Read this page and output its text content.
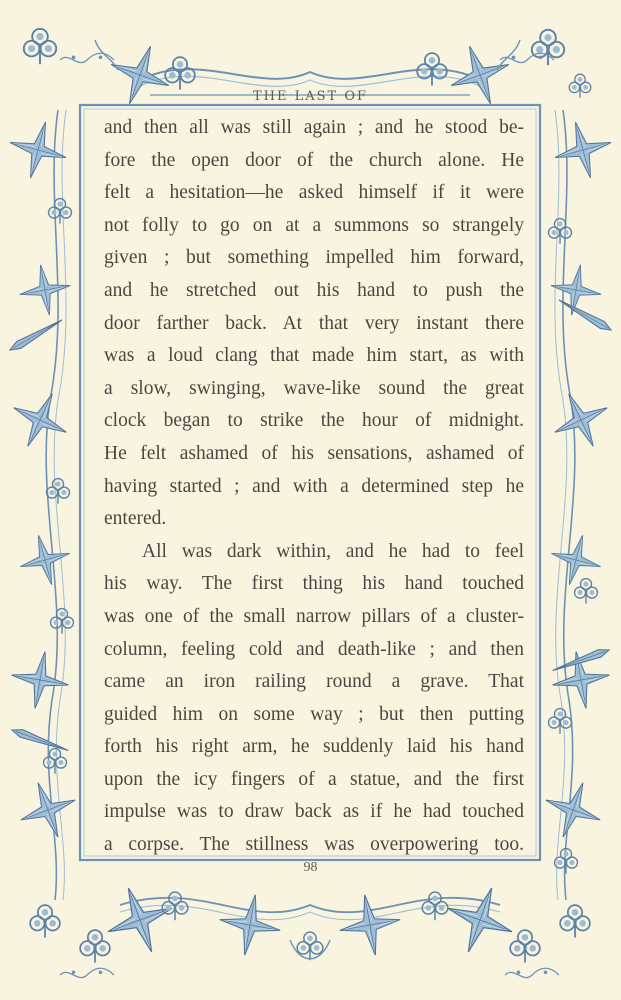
THE LAST OF
and then all was still again ; and he stood be-
fore the open door of the church alone. He
felt a hesitation—he asked himself if it were
not folly to go on at a summons so strangely
given ; but something impelled him forward,
and he stretched out his hand to push the
door farther back. At that very instant there
was a loud clang that made him start, as with
a slow, swinging, wave-like sound the great
clock began to strike the hour of midnight.
He felt ashamed of his sensations, ashamed of
having started ; and with a determined step he
entered.
All was dark within, and he had to feel
his way. The first thing his hand touched
was one of the small narrow pillars of a cluster-
column, feeling cold and death-like ; and then
came an iron railing round a grave. That
guided him on some way ; but then putting
forth his right arm, he suddenly laid his hand
upon the icy fingers of a statue, and the first
impulse was to draw back as if he had touched
a corpse. The stillness was overpowering too.
98
